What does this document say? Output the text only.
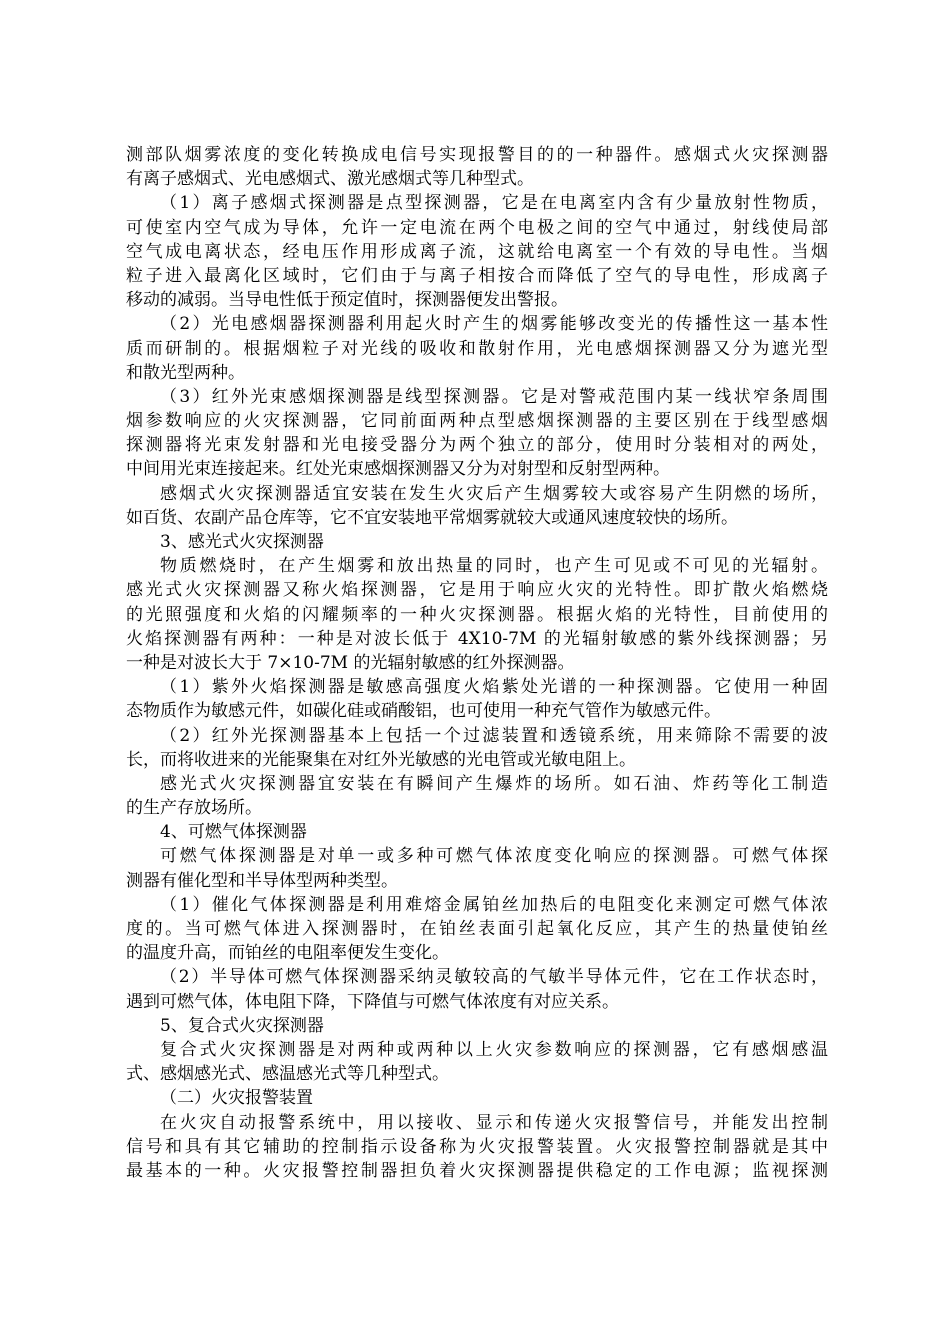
测部队烟雾浓度的变化转换成电信号实现报警目的的一种器件。感烟式火灾探测器
有离子感烟式、光电感烟式、激光感烟式等几种型式。
（1）离子感烟式探测器是点型探测器，它是在电离室内含有少量放射性物质，
可使室内空气成为导体，允许一定电流在两个电极之间的空气中通过，射线使局部
空气成电离状态，经电压作用形成离子流，这就给电离室一个有效的导电性。当烟
粒子进入最离化区域时，它们由于与离子相按合而降低了空气的导电性，形成离子
移动的减弱。当导电性低于预定值时，探测器便发出警报。
（2）光电感烟器探测器利用起火时产生的烟雾能够改变光的传播性这一基本性
质而研制的。根据烟粒子对光线的吸收和散射作用，光电感烟探测器又分为遮光型
和散光型两种。
（3）红外光束感烟探测器是线型探测器。它是对警戒范围内某一线状窄条周围
烟参数响应的火灾探测器，它同前面两种点型感烟探测器的主要区别在于线型感烟
探测器将光束发射器和光电接受器分为两个独立的部分，使用时分装相对的两处，
中间用光束连接起来。红处光束感烟探测器又分为对射型和反射型两种。
感烟式火灾探测器适宜安装在发生火灾后产生烟雾较大或容易产生阴燃的场所，
如百货、农副产品仓库等，它不宜安装地平常烟雾就较大或通风速度较快的场所。
3、感光式火灾探测器
物质燃烧时，在产生烟雾和放出热量的同时，也产生可见或不可见的光辐射。
感光式火灾探测器又称火焰探测器，它是用于响应火灾的光特性。即扩散火焰燃烧
的光照强度和火焰的闪耀频率的一种火灾探测器。根据火焰的光特性，目前使用的
火焰探测器有两种：一种是对波长低于 4X10-7M 的光辐射敏感的紫外线探测器；另
一种是对波长大于 7×10-7M 的光辐射敏感的红外探测器。
（1）紫外火焰探测器是敏感高强度火焰紫处光谱的一种探测器。它使用一种固
态物质作为敏感元件，如碳化硅或硝酸铝，也可使用一种充气管作为敏感元件。
（2）红外光探测器基本上包括一个过滤装置和透镜系统，用来筛除不需要的波
长，而将收进来的光能聚集在对红外光敏感的光电管或光敏电阻上。
感光式火灾探测器宜安装在有瞬间产生爆炸的场所。如石油、炸药等化工制造
的生产存放场所。
4、可燃气体探测器
可燃气体探测器是对单一或多种可燃气体浓度变化响应的探测器。可燃气体探
测器有催化型和半导体型两种类型。
（1）催化气体探测器是利用难熔金属铂丝加热后的电阻变化来测定可燃气体浓
度的。当可燃气体进入探测器时，在铂丝表面引起氧化反应，其产生的热量使铂丝
的温度升高，而铂丝的电阻率便发生变化。
（2）半导体可燃气体探测器采纳灵敏较高的气敏半导体元件，它在工作状态时，
遇到可燃气体，体电阻下降，下降值与可燃气体浓度有对应关系。
5、复合式火灾探测器
复合式火灾探测器是对两种或两种以上火灾参数响应的探测器，它有感烟感温
式、感烟感光式、感温感光式等几种型式。
（二）火灾报警装置
在火灾自动报警系统中，用以接收、显示和传递火灾报警信号，并能发出控制
信号和具有其它辅助的控制指示设备称为火灾报警装置。火灾报警控制器就是其中
最基本的一种。火灾报警控制器担负着火灾探测器提供稳定的工作电源；监视探测
